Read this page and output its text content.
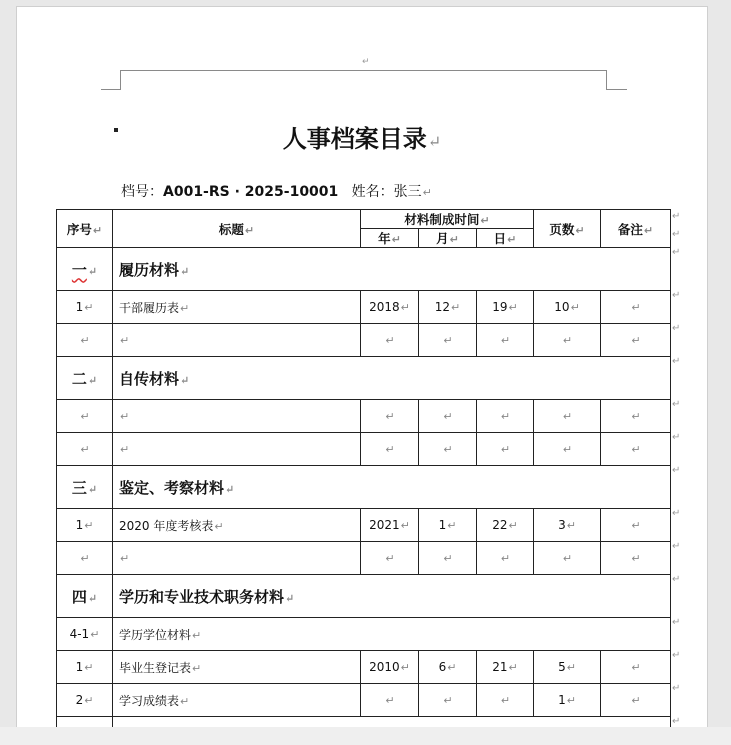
↵
人事档案目录↵
档号：A001-RS · 2025-10001 姓名：张三↵
序号↵	标题↵	材料制成时间↵			页数↵	备注↵
		年↵	月↵	日↵		
一↵	履历材料↵					
1↵	干部履历表↵	2018↵	12↵	19↵	10↵	↵
↵	↵	↵	↵	↵	↵	↵
二↵	自传材料↵					
↵	↵	↵	↵	↵	↵	↵
↵	↵	↵	↵	↵	↵	↵
三↵	鉴定、考察材料↵					
1↵	2020 年度考核表↵	2021↵	1↵	22↵	3↵	↵
↵	↵	↵	↵	↵	↵	↵
四↵	学历和专业技术职务材料↵					
4-1↵	学历学位材料↵					
1↵	毕业生登记表↵	2010↵	6↵	21↵	5↵	↵
2↵	学习成绩表↵	↵	↵	↵	1↵	↵

↵
↵
↵
↵
↵
↵
↵
↵
↵
↵
↵
↵
↵
↵
↵
↵
